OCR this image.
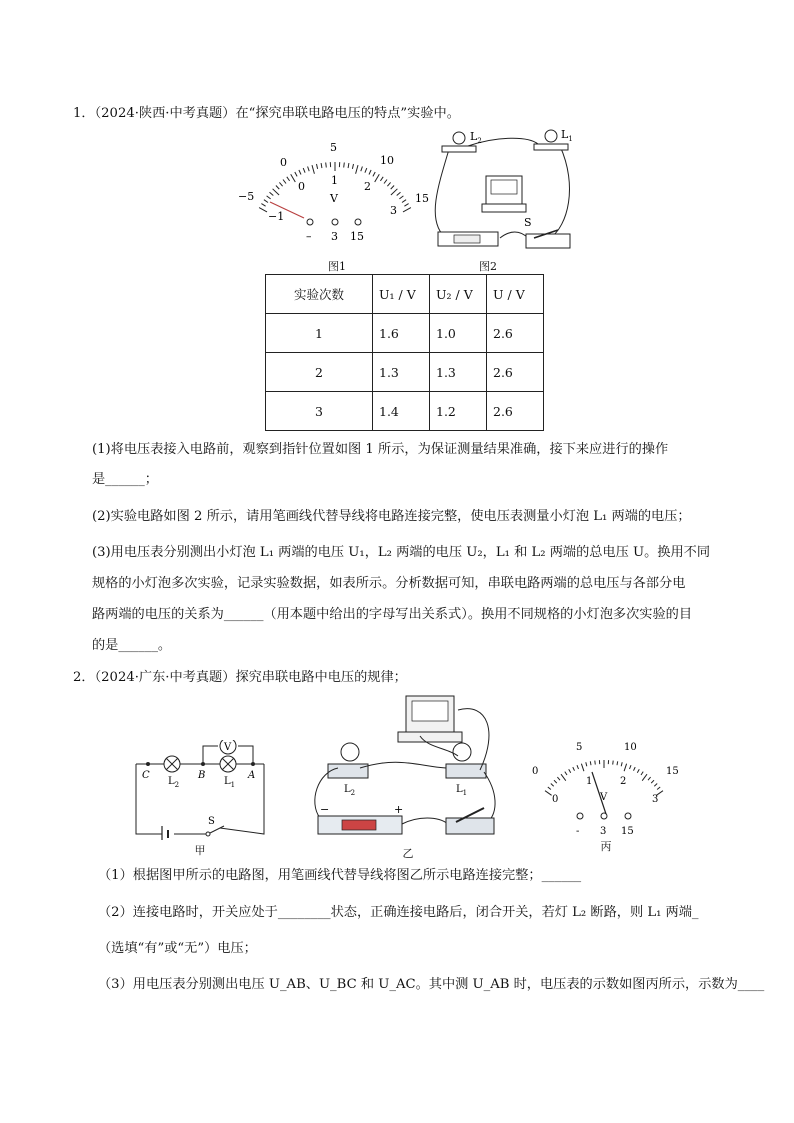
1．（2024·陕西·中考真题）在“探究串联电路电压的特点”实验中。
−5
−1
0
5
10
15
0 1 2
3
V
– 3 15
图1
$L_2$	$L_1$
S
图2
实验次数	U₁ / V	U₂ / V	U / V
1	1.6	1.0	2.6
2	1.3	1.3	2.6
3	1.4	1.2	2.6
(1)将电压表接入电路前，观察到指针位置如图 1 所示，为保证测量结果准确，接下来应进行的操作
是______；
(2)实验电路如图 2 所示，请用笔画线代替导线将电路连接完整，使电压表测量小灯泡 L₁ 两端的电压；
(3)用电压表分别测出小灯泡 L₁ 两端的电压 U₁，L₂ 两端的电压 U₂，L₁ 和 L₂ 两端的总电压 U。换用不同
规格的小灯泡多次实验，记录实验数据，如表所示。分析数据可知，串联电路两端的总电压与各部分电
路两端的电压的关系为______（用本题中给出的字母写出关系式）。换用不同规格的小灯泡多次实验的目
的是______。
2．（2024·广东·中考真题）探究串联电路中电压的规律；
V
C	B	A
$L_2$	$L_1$
S
甲
$L_2$	$L_1$
−	+
乙
0
5	10
15
0
1	2
3
V
- 3 15
丙
（1）根据图甲所示的电路图，用笔画线代替导线将图乙所示电路连接完整；______
（2）连接电路时，开关应处于________状态，正确连接电路后，闭合开关，若灯 L₂ 断路，则 L₁ 两端_
（选填“有”或“无”）电压；
（3）用电压表分别测出电压 U_AB、U_BC 和 U_AC。其中测 U_AB 时，电压表的示数如图丙所示，示数为____
